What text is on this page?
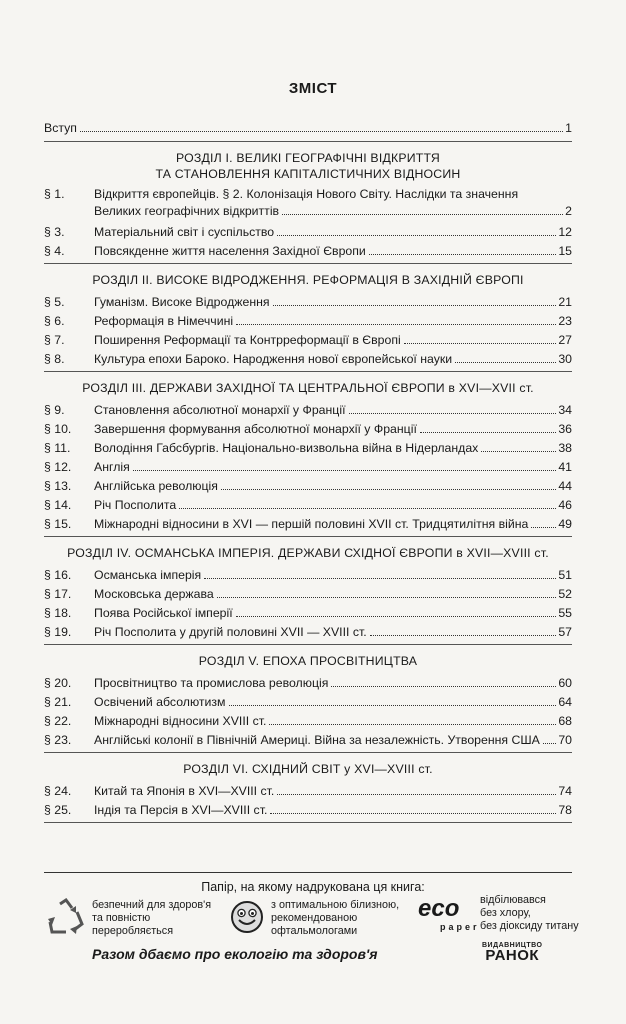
ЗМІСТ
Вступ	1
РОЗДІЛ І. ВЕЛИКІ ГЕОГРАФІЧНІ ВІДКРИТТЯ
ТА СТАНОВЛЕННЯ КАПІТАЛІСТИЧНИХ ВІДНОСИН
§ 1.	Відкриття європейців. § 2. Колонізація Нового Світу. Наслідки та значення
Великих географічних відкриттів	2
§ 3.	Матеріальний світ і суспільство	12
§ 4.	Повсякденне життя населення Західної Європи	15
РОЗДІЛ ІІ. ВИСОКЕ ВІДРОДЖЕННЯ. РЕФОРМАЦІЯ В ЗАХІДНІЙ ЄВРОПІ
§ 5.	Гуманізм. Високе Відродження	21
§ 6.	Реформація в Німеччині	23
§ 7.	Поширення Реформації та Контрреформації в Європі	27
§ 8.	Культура епохи Бароко. Народження нової європейської науки	30
РОЗДІЛ ІІІ. ДЕРЖАВИ ЗАХІДНОЇ ТА ЦЕНТРАЛЬНОЇ ЄВРОПИ в XVI—XVII ст.
§ 9.	Становлення абсолютної монархії у Франції	34
§ 10.	Завершення формування абсолютної монархії у Франції	36
§ 11.	Володіння Габсбургів. Національно-визвольна війна в Нідерландах	38
§ 12.	Англія	41
§ 13.	Англійська революція	44
§ 14.	Річ Посполита	46
§ 15.	Міжнародні відносини в XVI — першій половині XVII ст. Тридцятилітня війна 49
РОЗДІЛ IV. ОСМАНСЬКА ІМПЕРІЯ. ДЕРЖАВИ СХІДНОЇ ЄВРОПИ в XVII—XVIII ст.
§ 16.	Османська імперія	51
§ 17.	Московська держава	52
§ 18.	Поява Російської імперії	55
§ 19.	Річ Посполита у другій половині XVII — XVIII ст.	57
РОЗДІЛ V. ЕПОХА ПРОСВІТНИЦТВА
§ 20.	Просвітництво та промислова революція	60
§ 21.	Освічений абсолютизм	64
§ 22.	Міжнародні відносини XVIII ст.	68
§ 23.	Англійські колонії в Північній Америці. Війна за незалежність. Утворення США 70
РОЗДІЛ VI. СХІДНИЙ СВІТ у XVI—XVIII ст.
§ 24.	Китай та Японія в XVI—XVIII ст.	74
§ 25.	Індія та Персія в XVI—XVIII ст.	78
Папір, на якому надрукована ця книга:
безпечний для здоров'я
та повністю
переробляється
з оптимальною білизною,
рекомендованою
офтальмологами
eco
paper
відбілювався
без хлору,
без діоксиду титану
Разом дбаємо про екологію та здоров'я
ВИДАВНИЦТВО
РАНОК
